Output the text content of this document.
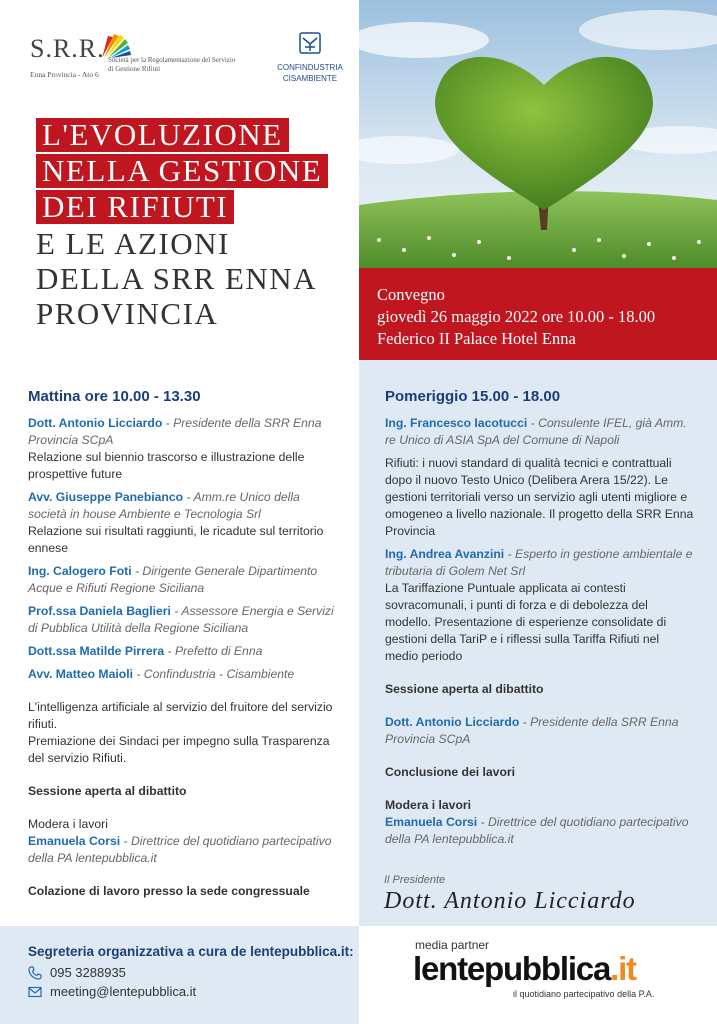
S.R.R.
Enna Provincia - Ato 6
Società per la Regolamentazione del Servizio di Gestione Rifiuti	CONFINDUSTRIA
CISAMBIENTE
L'EVOLUZIONE
NELLA GESTIONE
DEI RIFIUTI
E LE AZIONI
DELLA SRR ENNA
PROVINCIA
Convegno
giovedì 26 maggio 2022 ore 10.00 - 18.00
Federico II Palace Hotel Enna
Mattina ore 10.00 - 13.30
Dott. Antonio Licciardo - Presidente della SRR Enna Provincia SCpA
Relazione sul biennio trascorso e illustrazione delle prospettive future
Avv. Giuseppe Panebianco - Amm.re Unico della società in house Ambiente e Tecnologia Srl
Relazione sui risultati raggiunti, le ricadute sul territorio ennese
Ing. Calogero Foti - Dirigente Generale Dipartimento Acque e Rifiuti Regione Siciliana
Prof.ssa Daniela Baglieri - Assessore Energia e Servizi di Pubblica Utilità della Regione Siciliana
Dott.ssa Matilde Pirrera - Prefetto di Enna
Avv. Matteo Maioli - Confindustria - Cisambiente
L'intelligenza artificiale al servizio del fruitore del servizio rifiuti.
Premiazione dei Sindaci per impegno sulla Trasparenza del servizio Rifiuti.
Sessione aperta al dibattito
Modera i lavori
Emanuela Corsi - Direttrice del quotidiano partecipativo della PA lentepubblica.it
Colazione di lavoro presso la sede congressuale
Pomeriggio 15.00 - 18.00
Ing. Francesco Iacotucci - Consulente IFEL, già Amm. re Unico di ASIA SpA del Comune di Napoli
Rifiuti: i nuovi standard di qualità tecnici e contrattuali dopo il nuovo Testo Unico (Delibera Arera 15/22). Le gestioni territoriali verso un servizio agli utenti migliore e omogeneo a livello nazionale. Il progetto della SRR Enna Provincia
Ing. Andrea Avanzini - Esperto in gestione ambientale e tributaria di Golem Net Srl
La Tariffazione Puntuale applicata ai contesti sovracomunali, i punti di forza e di debolezza del modello. Presentazione di esperienze consolidate di gestioni della TariP e i riflessi sulla Tariffa Rifiuti nel medio periodo
Sessione aperta al dibattito
Dott. Antonio Licciardo - Presidente della SRR Enna Provincia SCpA
Conclusione dei lavori
Modera i lavori
Emanuela Corsi - Direttrice del quotidiano partecipativo della PA lentepubblica.it
Il Presidente
Dott. Antonio Licciardo
Segreteria organizzativa a cura de lentepubblica.it:
095 3288935
meeting@lentepubblica.it
media partner
lentepubblica.it
il quotidiano partecipativo della P.A.
